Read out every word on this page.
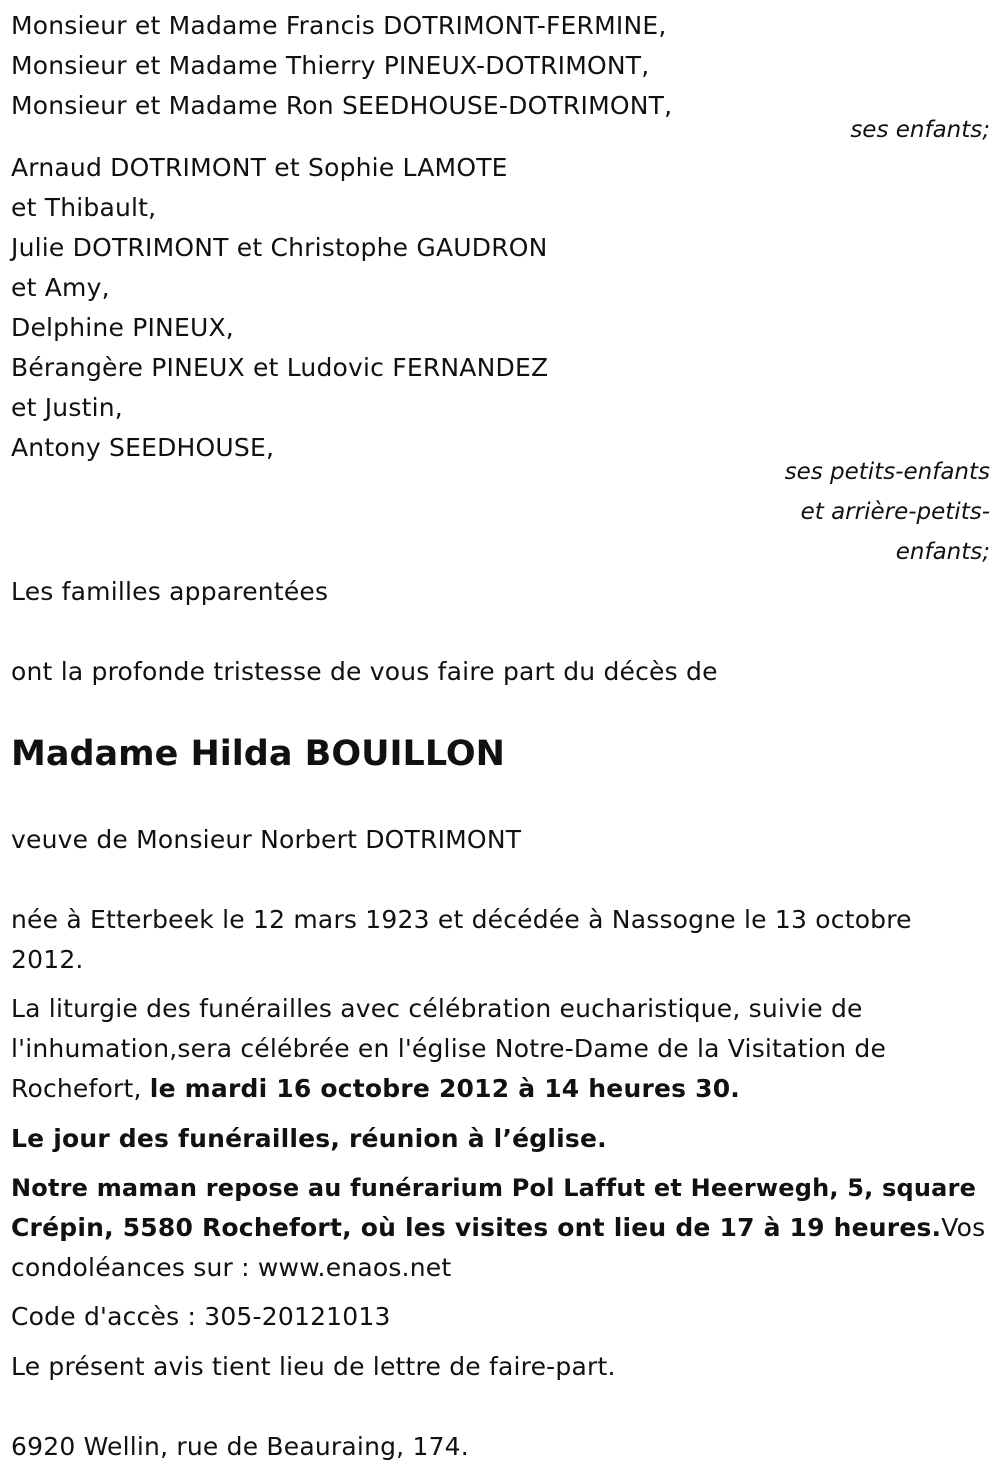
Monsieur et Madame Francis DOTRIMONT-FERMINE,
Monsieur et Madame Thierry PINEUX-DOTRIMONT,
Monsieur et Madame Ron SEEDHOUSE-DOTRIMONT,
ses enfants;
Arnaud DOTRIMONT et Sophie LAMOTE
et Thibault,
Julie DOTRIMONT et Christophe GAUDRON
et Amy,
Delphine PINEUX,
Bérangère PINEUX et Ludovic FERNANDEZ
et Justin,
Antony SEEDHOUSE,
ses petits-enfants
et arrière-petits-
enfants;
Les familles apparentées
ont la profonde tristesse de vous faire part du décès de
Madame Hilda BOUILLON
veuve de Monsieur Norbert DOTRIMONT
née à Etterbeek le 12 mars 1923 et décédée à Nassogne le 13 octobre
2012.
La liturgie des funérailles avec célébration eucharistique, suivie de
l'inhumation,sera célébrée en l'église Notre-Dame de la Visitation de
Rochefort, le mardi 16 octobre 2012 à 14 heures 30.
Le jour des funérailles, réunion à l’église.
Notre maman repose au funérarium Pol Laffut et Heerwegh, 5, square
Crépin, 5580 Rochefort, où les visites ont lieu de 17 à 19 heures.Vos
condoléances sur : www.enaos.net
Code d'accès : 305-20121013
Le présent avis tient lieu de lettre de faire-part.
6920 Wellin, rue de Beauraing, 174.
